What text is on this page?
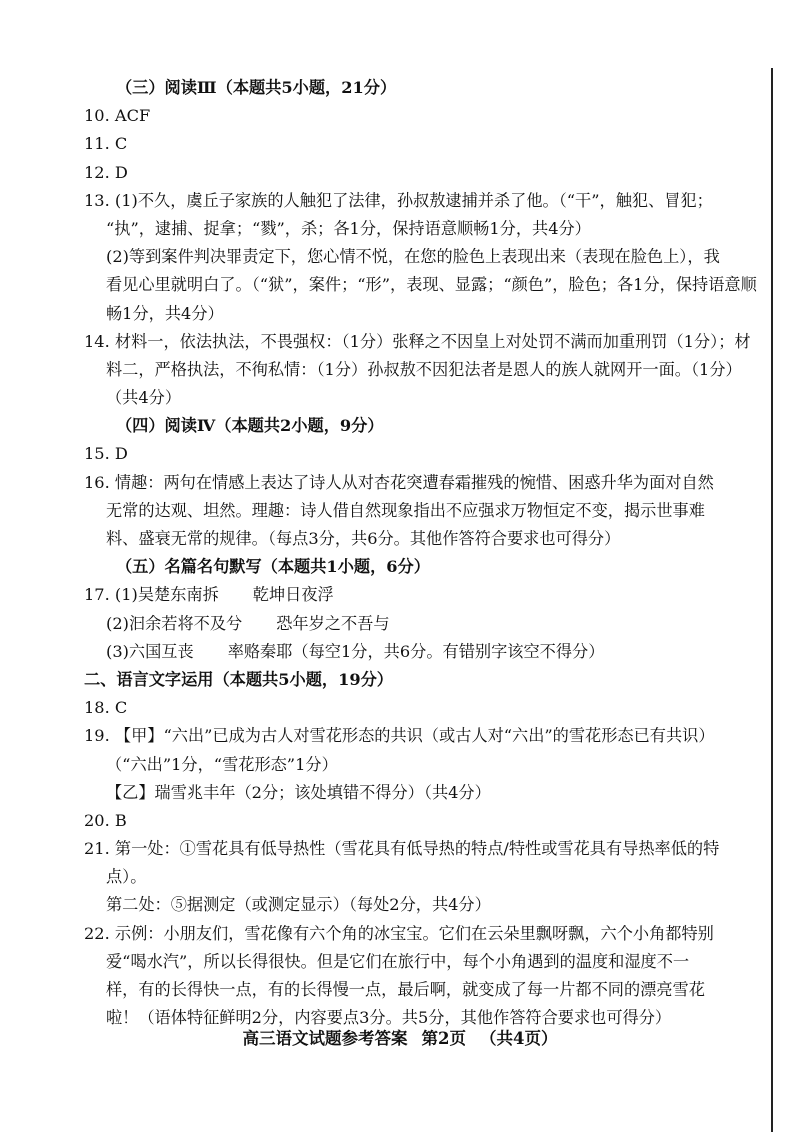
（三）阅读Ⅲ（本题共5小题，21分）
10. ACF
11. C
12. D
13. (1)不久，虞丘子家族的人触犯了法律，孙叔敖逮捕并杀了他。（“干”，触犯、冒犯；
“执”，逮捕、捉拿；“戮”，杀；各1分，保持语意顺畅1分，共4分）
(2)等到案件判决罪责定下，您心情不悦，在您的脸色上表现出来（表现在脸色上），我
看见心里就明白了。（“狱”，案件；“形”，表现、显露；“颜色”，脸色；各1分，保持语意顺
畅1分，共4分）
14. 材料一，依法执法，不畏强权：（1分）张释之不因皇上对处罚不满而加重刑罚（1分）；材
料二，严格执法，不徇私情：（1分）孙叔敖不因犯法者是恩人的族人就网开一面。（1分）
（共4分）
（四）阅读Ⅳ（本题共2小题，9分）
15. D
16. 情趣：两句在情感上表达了诗人从对杏花突遭春霜摧残的惋惜、困惑升华为面对自然
无常的达观、坦然。理趣：诗人借自然现象指出不应强求万物恒定不变，揭示世事难
料、盛衰无常的规律。（每点3分，共6分。其他作答符合要求也可得分）
（五）名篇名句默写（本题共1小题，6分）
17. (1)吴楚东南拆 乾坤日夜浮
(2)汩余若将不及兮 恐年岁之不吾与
(3)六国互丧 率赂秦耶（每空1分，共6分。有错别字该空不得分）
二、语言文字运用（本题共5小题，19分）
18. C
19. 【甲】“六出”已成为古人对雪花形态的共识（或古人对“六出”的雪花形态已有共识）
（“六出”1分，“雪花形态”1分）
【乙】瑞雪兆丰年（2分；该处填错不得分）（共4分）
20. B
21. 第一处：①雪花具有低导热性（雪花具有低导热的特点/特性或雪花具有导热率低的特
点）。
第二处：⑤据测定（或测定显示）（每处2分，共4分）
22. 示例：小朋友们，雪花像有六个角的冰宝宝。它们在云朵里飘呀飘，六个小角都特别
爱“喝水汽”，所以长得很快。但是它们在旅行中，每个小角遇到的温度和湿度不一
样，有的长得快一点，有的长得慢一点，最后啊，就变成了每一片都不同的漂亮雪花
啦！（语体特征鲜明2分，内容要点3分。共5分，其他作答符合要求也可得分）
高三语文试题参考答案 第2页 （共4页）
